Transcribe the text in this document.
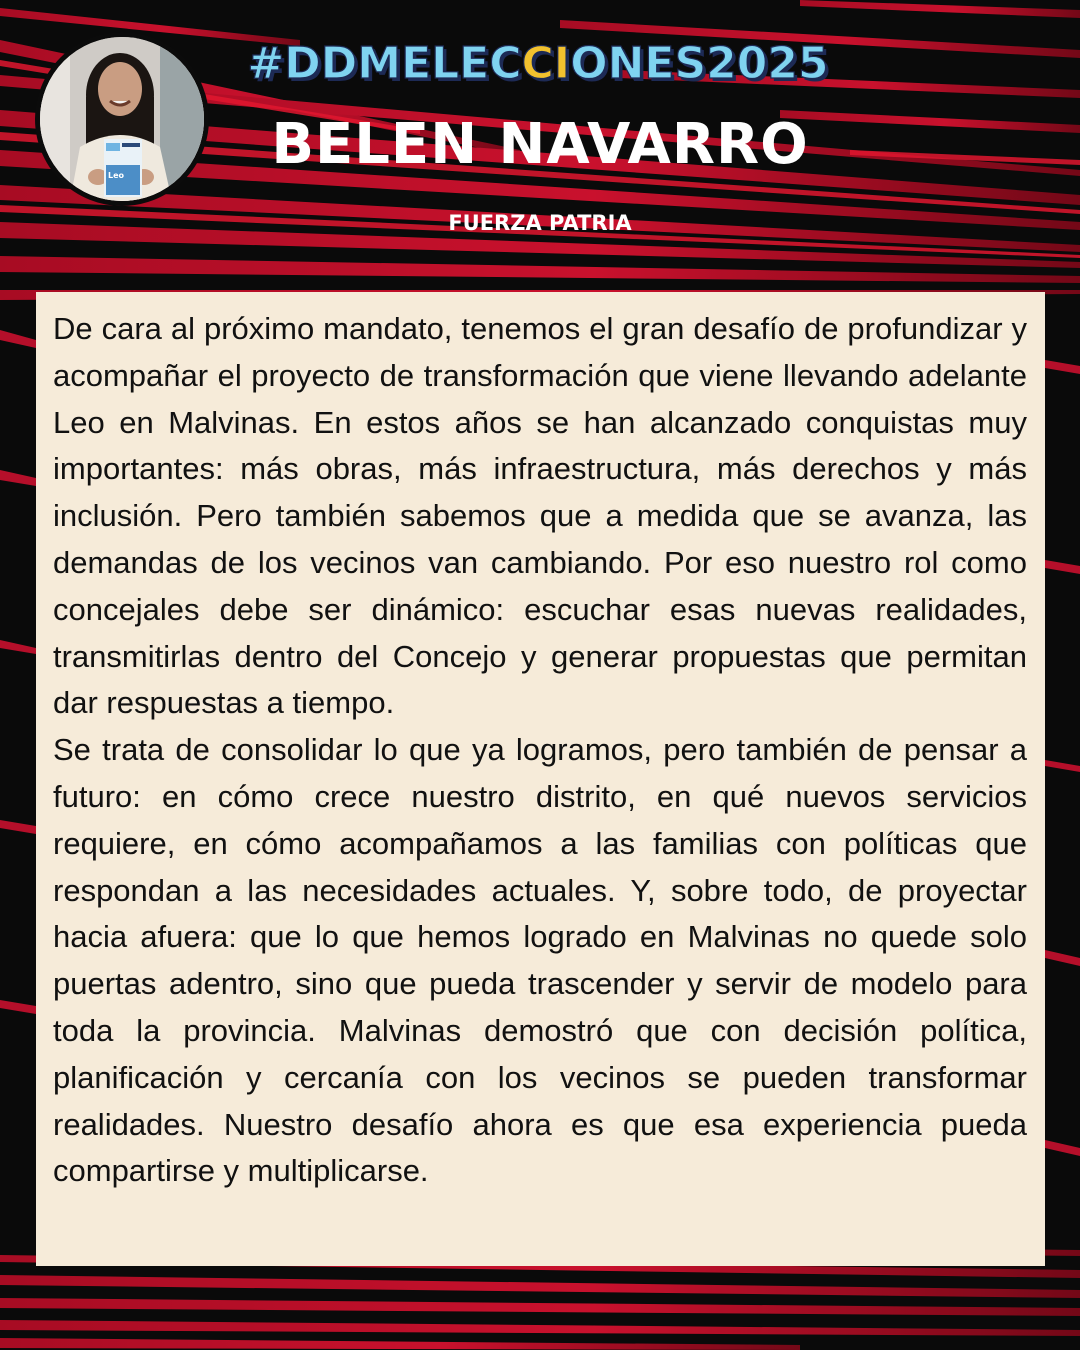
Leo
#DDMELECCIONES2025
BELEN NAVARRO
FUERZA PATRIA

De cara al próximo mandato, tenemos el gran desafío de profundizar y acompañar el proyecto de transformación que viene llevando adelante Leo en Malvinas. En estos años se han alcanzado conquistas muy importantes: más obras, más infraestructura, más derechos y más inclusión. Pero también sabemos que a medida que se avanza, las demandas de los vecinos van cambiando. Por eso nuestro rol como concejales debe ser dinámico: escuchar esas nuevas realidades, transmitirlas dentro del Concejo y generar propuestas que permitan dar respuestas a tiempo.

Se trata de consolidar lo que ya logramos, pero también de pensar a futuro: en cómo crece nuestro distrito, en qué nuevos servicios requiere, en cómo acompañamos a las familias con políticas que respondan a las necesidades actuales. Y, sobre todo, de proyectar hacia afuera: que lo que hemos logrado en Malvinas no quede solo puertas adentro, sino que pueda trascender y servir de modelo para toda la provincia. Malvinas demostró que con decisión política, planificación y cercanía con los vecinos se pueden transformar realidades. Nuestro desafío ahora es que esa experiencia pueda compartirse y multiplicarse.
